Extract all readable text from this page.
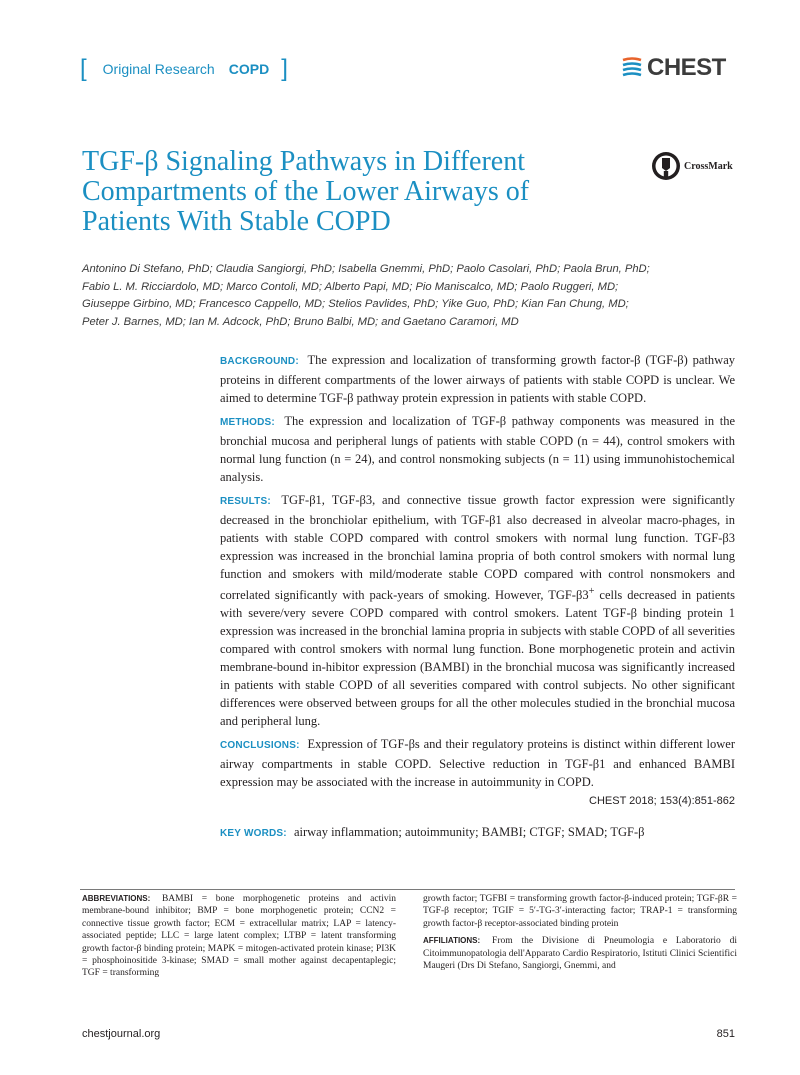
[ Original Research COPD ]	CHEST
TGF-β Signaling Pathways in Different Compartments of the Lower Airways of Patients With Stable COPD
CrossMark
Antonino Di Stefano, PhD; Claudia Sangiorgi, PhD; Isabella Gnemmi, PhD; Paolo Casolari, PhD; Paola Brun, PhD;
Fabio L. M. Ricciardolo, MD; Marco Contoli, MD; Alberto Papi, MD; Pio Maniscalco, MD; Paolo Ruggeri, MD;
Giuseppe Girbino, MD; Francesco Cappello, MD; Stelios Pavlides, PhD; Yike Guo, PhD; Kian Fan Chung, MD;
Peter J. Barnes, MD; Ian M. Adcock, PhD; Bruno Balbi, MD; and Gaetano Caramori, MD

BACKGROUND: The expression and localization of transforming growth factor-β (TGF-β) pathway proteins in different compartments of the lower airways of patients with stable COPD is unclear. We aimed to determine TGF-β pathway protein expression in patients with stable COPD.

METHODS: The expression and localization of TGF-β pathway components was measured in the bronchial mucosa and peripheral lungs of patients with stable COPD (n = 44), control smokers with normal lung function (n = 24), and control nonsmoking subjects (n = 11) using immunohistochemical analysis.

RESULTS: TGF-β1, TGF-β3, and connective tissue growth factor expression were significantly decreased in the bronchiolar epithelium, with TGF-β1 also decreased in alveolar macro-phages, in patients with stable COPD compared with control smokers with normal lung function. TGF-β3 expression was increased in the bronchial lamina propria of both control smokers with normal lung function and smokers with mild/moderate stable COPD compared with control nonsmokers and correlated significantly with pack-years of smoking. However, TGF-β3+ cells decreased in patients with severe/very severe COPD compared with control smokers. Latent TGF-β binding protein 1 expression was increased in the bronchial lamina propria in subjects with stable COPD of all severities compared with control smokers with normal lung function. Bone morphogenetic protein and activin membrane-bound in-hibitor expression (BAMBI) in the bronchial mucosa was significantly increased in patients with stable COPD of all severities compared with control subjects. No other significant differences were observed between groups for all the other molecules studied in the bronchial mucosa and peripheral lung.

CONCLUSIONS: Expression of TGF-βs and their regulatory proteins is distinct within different lower airway compartments in stable COPD. Selective reduction in TGF-β1 and enhanced BAMBI expression may be associated with the increase in autoimmunity in COPD.

CHEST 2018; 153(4):851-862

KEY WORDS: airway inflammation; autoimmunity; BAMBI; CTGF; SMAD; TGF-β

ABBREVIATIONS: BAMBI = bone morphogenetic proteins and activin membrane-bound inhibitor; BMP = bone morphogenetic protein; CCN2 = connective tissue growth factor; ECM = extracellular matrix; LAP = latency-associated peptide; LLC = large latent complex; LTBP = latent transforming growth factor-β binding protein; MAPK = mitogen-activated protein kinase; PI3K = phosphoinositide 3-kinase; SMAD = small mother against decapentaplegic; TGF = transforming

growth factor; TGFBI = transforming growth factor-β-induced protein; TGF-βR = TGF-β receptor; TGIF = 5′-TG-3′-interacting factor; TRAP-1 = transforming growth factor-β receptor-associated binding protein

AFFILIATIONS: From the Divisione di Pneumologia e Laboratorio di Citoimmunopatologia dell'Apparato Cardio Respiratorio, Istituti Clinici Scientifici Maugeri (Drs Di Stefano, Sangiorgi, Gnemmi, and

chestjournal.org	851
